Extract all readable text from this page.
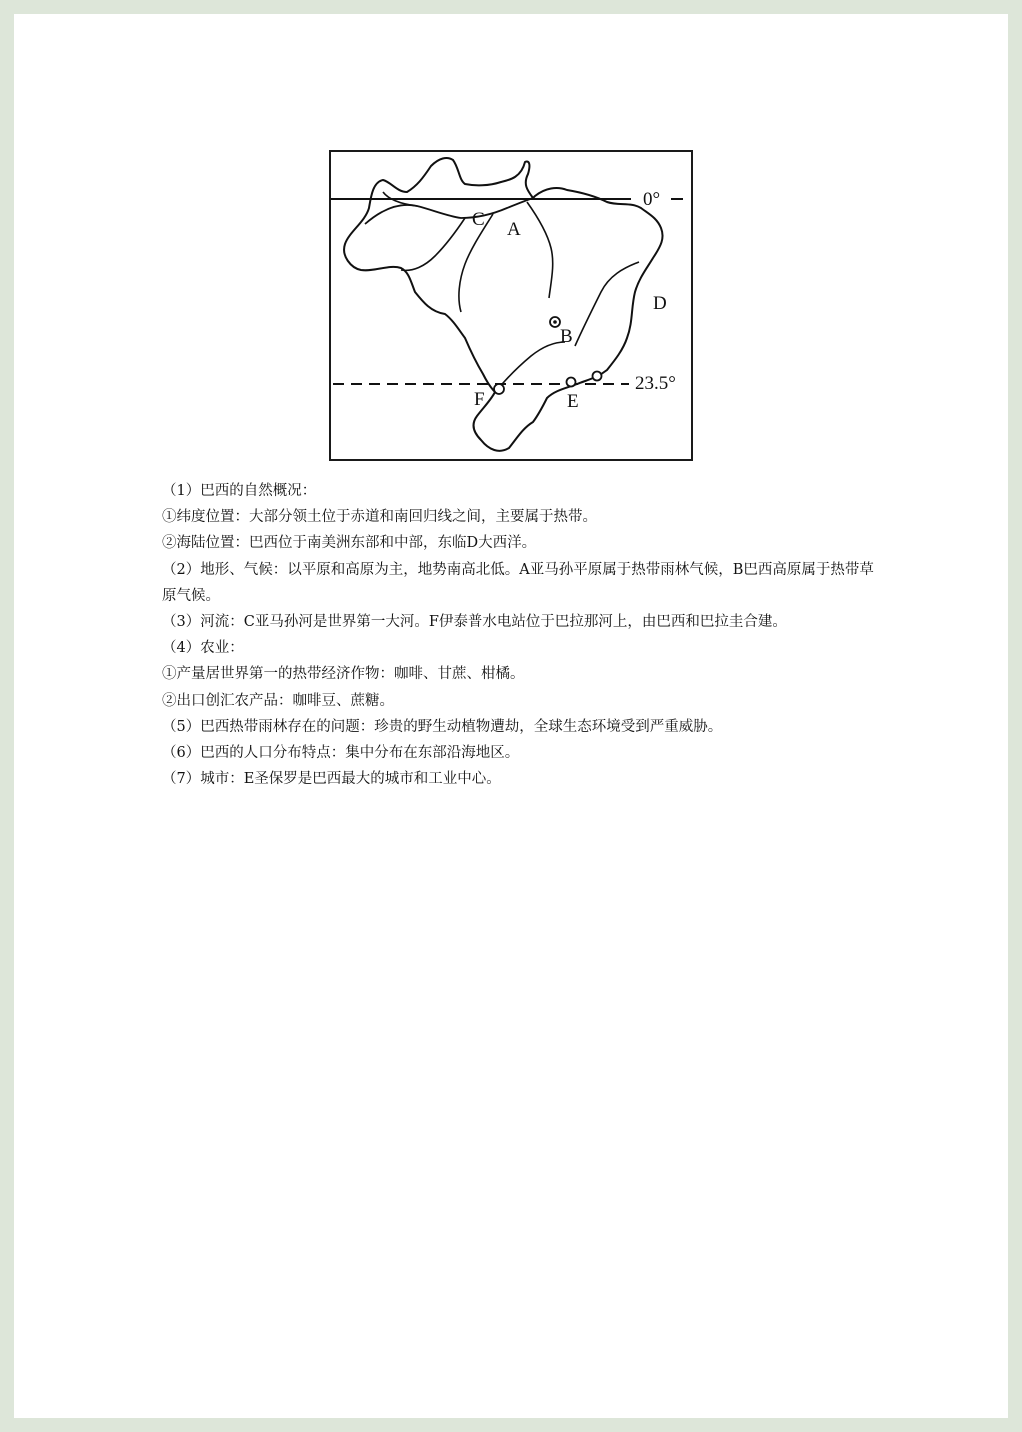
0°
23.5°
C A
B
D
E
F
（1）巴西的自然概况：
①纬度位置：大部分领土位于赤道和南回归线之间，主要属于热带。
②海陆位置：巴西位于南美洲东部和中部，东临D大西洋。
（2）地形、气候：以平原和高原为主，地势南高北低。A亚马孙平原属于热带雨林气候，B巴西高原属于热带草原气候。
（3）河流：C亚马孙河是世界第一大河。F伊泰普水电站位于巴拉那河上，由巴西和巴拉圭合建。
（4）农业：
①产量居世界第一的热带经济作物：咖啡、甘蔗、柑橘。
②出口创汇农产品：咖啡豆、蔗糖。
（5）巴西热带雨林存在的问题：珍贵的野生动植物遭劫，全球生态环境受到严重威胁。
（6）巴西的人口分布特点：集中分布在东部沿海地区。
（7）城市：E圣保罗是巴西最大的城市和工业中心。
